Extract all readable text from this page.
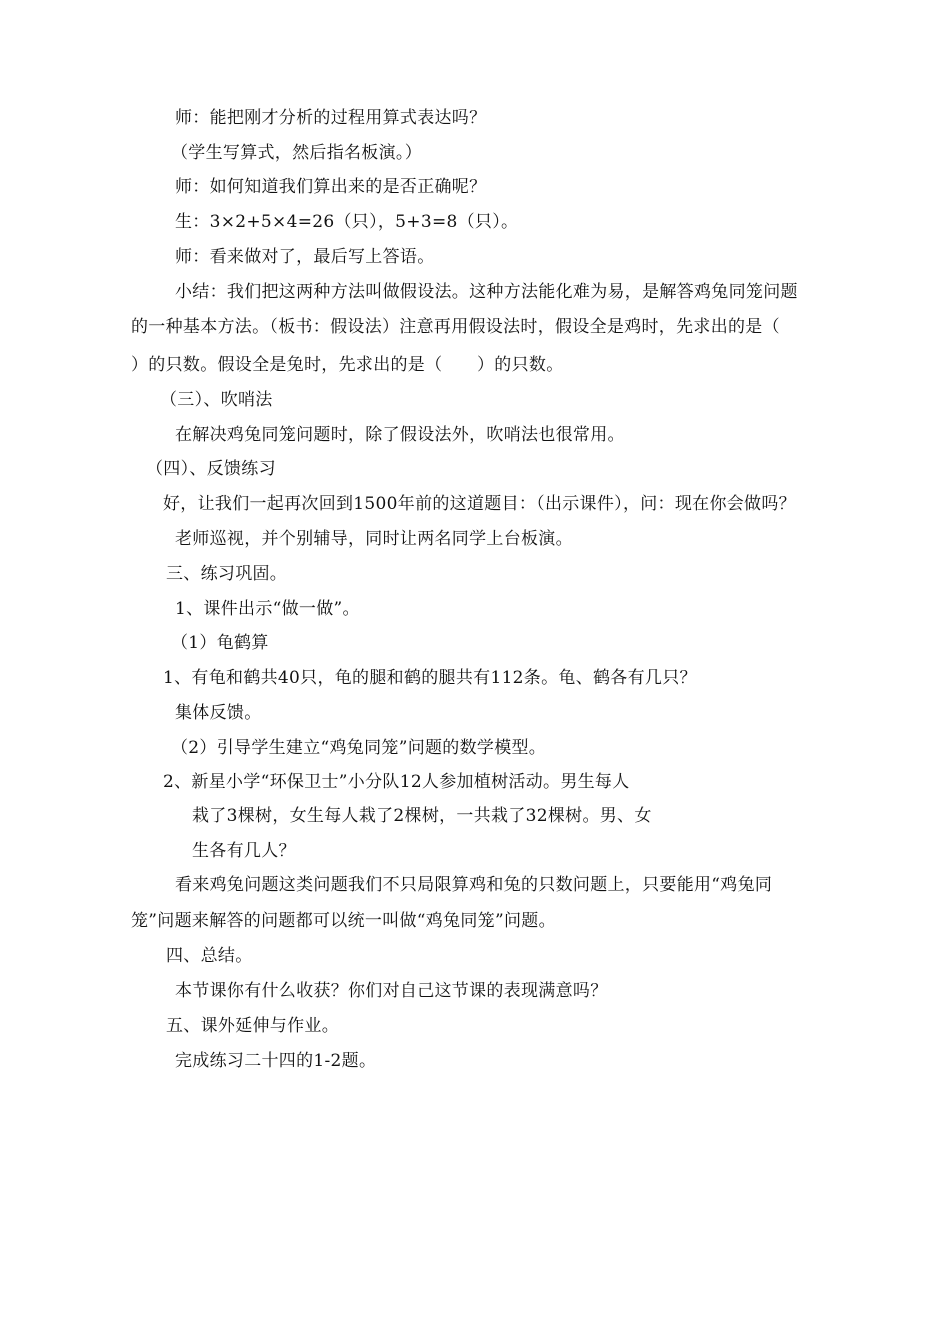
师：能把刚才分析的过程用算式表达吗？
（学生写算式，然后指名板演。）
师：如何知道我们算出来的是否正确呢？
生：3×2+5×4=26（只），5+3=8（只）。
师：看来做对了，最后写上答语。
小结：我们把这两种方法叫做假设法。这种方法能化难为易，是解答鸡兔同笼问题
的一种基本方法。（板书：假设法）注意再用假设法时，假设全是鸡时，先求出的是（
）的只数。假设全是兔时，先求出的是（　　）的只数。
（三）、吹哨法
在解决鸡兔同笼问题时，除了假设法外，吹哨法也很常用。
（四）、反馈练习
好，让我们一起再次回到1500年前的这道题目：（出示课件），问：现在你会做吗？
老师巡视，并个别辅导，同时让两名同学上台板演。
三、练习巩固。
1、课件出示“做一做”。
（1）龟鹤算
1、有龟和鹤共40只，龟的腿和鹤的腿共有112条。龟、鹤各有几只？
集体反馈。
（2）引导学生建立“鸡兔同笼”问题的数学模型。
2、新星小学“环保卫士”小分队12人参加植树活动。男生每人
栽了3棵树，女生每人栽了2棵树，一共栽了32棵树。男、女
生各有几人？
看来鸡兔问题这类问题我们不只局限算鸡和兔的只数问题上，只要能用“鸡兔同
笼”问题来解答的问题都可以统一叫做“鸡兔同笼”问题。
四、总结。
本节课你有什么收获？你们对自己这节课的表现满意吗？
五、课外延伸与作业。
完成练习二十四的1-2题。
